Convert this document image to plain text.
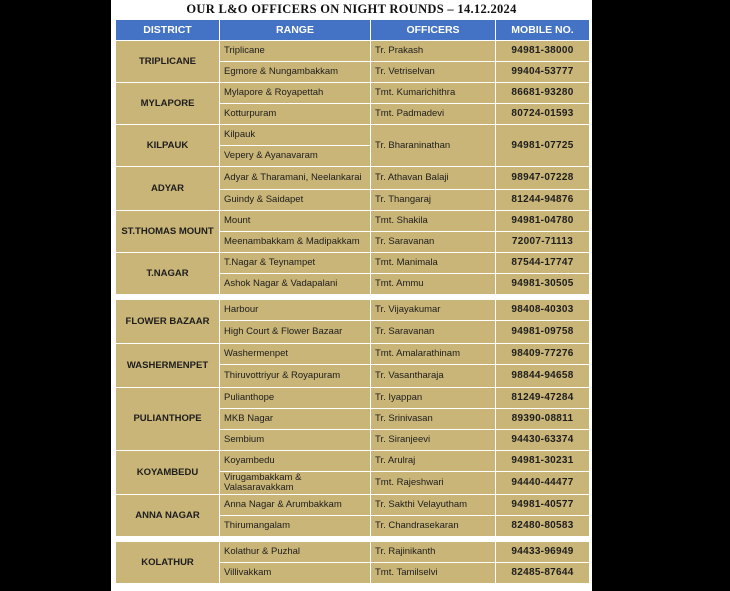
OUR L&O OFFICERS ON NIGHT ROUNDS – 14.12.2024
DISTRICT	RANGE	OFFICERS	MOBILE NO.
TRIPLICANE	Triplicane	Tr. Prakash	94981-38000
	Egmore & Nungambakkam	Tr. Vetriselvan	99404-53777
MYLAPORE	Mylapore & Royapettah	Tmt. Kumarichithra	86681-93280
	Kotturpuram	Tmt. Padmadevi	80724-01593
KILPAUK	Kilpauk	Tr. Bharaninathan	94981-07725
	Vepery & Ayanavaram		
ADYAR	Adyar & Tharamani, Neelankarai	Tr. Athavan Balaji	98947-07228
	Guindy & Saidapet	Tr. Thangaraj	81244-94876
ST.THOMAS MOUNT	Mount	Tmt. Shakila	94981-04780
	Meenambakkam & Madipakkam	Tr. Saravanan	72007-71113
T.NAGAR	T.Nagar & Teynampet	Tmt. Manimala	87544-17747
	Ashok Nagar & Vadapalani	Tmt. Ammu	94981-30505

FLOWER BAZAAR	Harbour	Tr. Vijayakumar	98408-40303
	High Court & Flower Bazaar	Tr. Saravanan	94981-09758
WASHERMENPET	Washermenpet	Tmt. Amalarathinam	98409-77276
	Thiruvottriyur & Royapuram	Tr. Vasantharaja	98844-94658
PULIANTHOPE	Pulianthope	Tr. Iyappan	81249-47284
	MKB Nagar	Tr. Srinivasan	89390-08811
	Sembium	Tr. Siranjeevi	94430-63374
KOYAMBEDU	Koyambedu	Tr. Arulraj	94981-30231
	Virugambakkam & Valasaravakkam	Tmt. Rajeshwari	94440-44477
ANNA NAGAR	Anna Nagar & Arumbakkam	Tr. Sakthi Velayutham	94981-40577
	Thirumangalam	Tr. Chandrasekaran	82480-80583

KOLATHUR	Kolathur & Puzhal	Tr. Rajinikanth	94433-96949
	Villivakkam	Tmt. Tamilselvi	82485-87644
